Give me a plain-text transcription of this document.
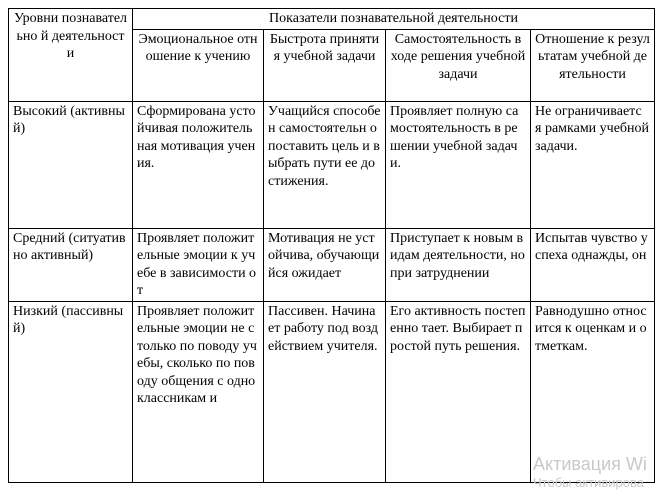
Уровни познавательно й деятельности	Показатели познавательной деятельности			
	Эмоциональное отношение к учению	Быстрота принятия учебной задачи	Самостоятельность в ходе решения учебной задачи	Отношение к результатам учебной деятельности
Высокий (активный)	Сформирована устойчивая положительная мотивация учения.	Учащийся способен самостоятельн о поставить цель и выбрать пути ее достижения.	Проявляет полную самостоятельность в решении учебной задачи.	Не ограничиваетс я рамками учебной задачи.
Средний (ситуативно активный)	Проявляет положительные эмоции к учебе в зависимости от	Мотивация не устойчива, обучающийся ожидает	Приступает к новым видам деятельности, но при затруднении	Испытав чувство успеха однажды, он
Низкий (пассивный)	Проявляет положительные эмоции не столько по поводу учебы, сколько по поводу общения с одноклассникам и	Пассивен. Начинает работу под воздействием учителя.	Его активность постепенно тает. Выбирает простой путь решения.	Равнодушно относится к оценкам и отметкам.
Активация Wi
Чтобы активирова
